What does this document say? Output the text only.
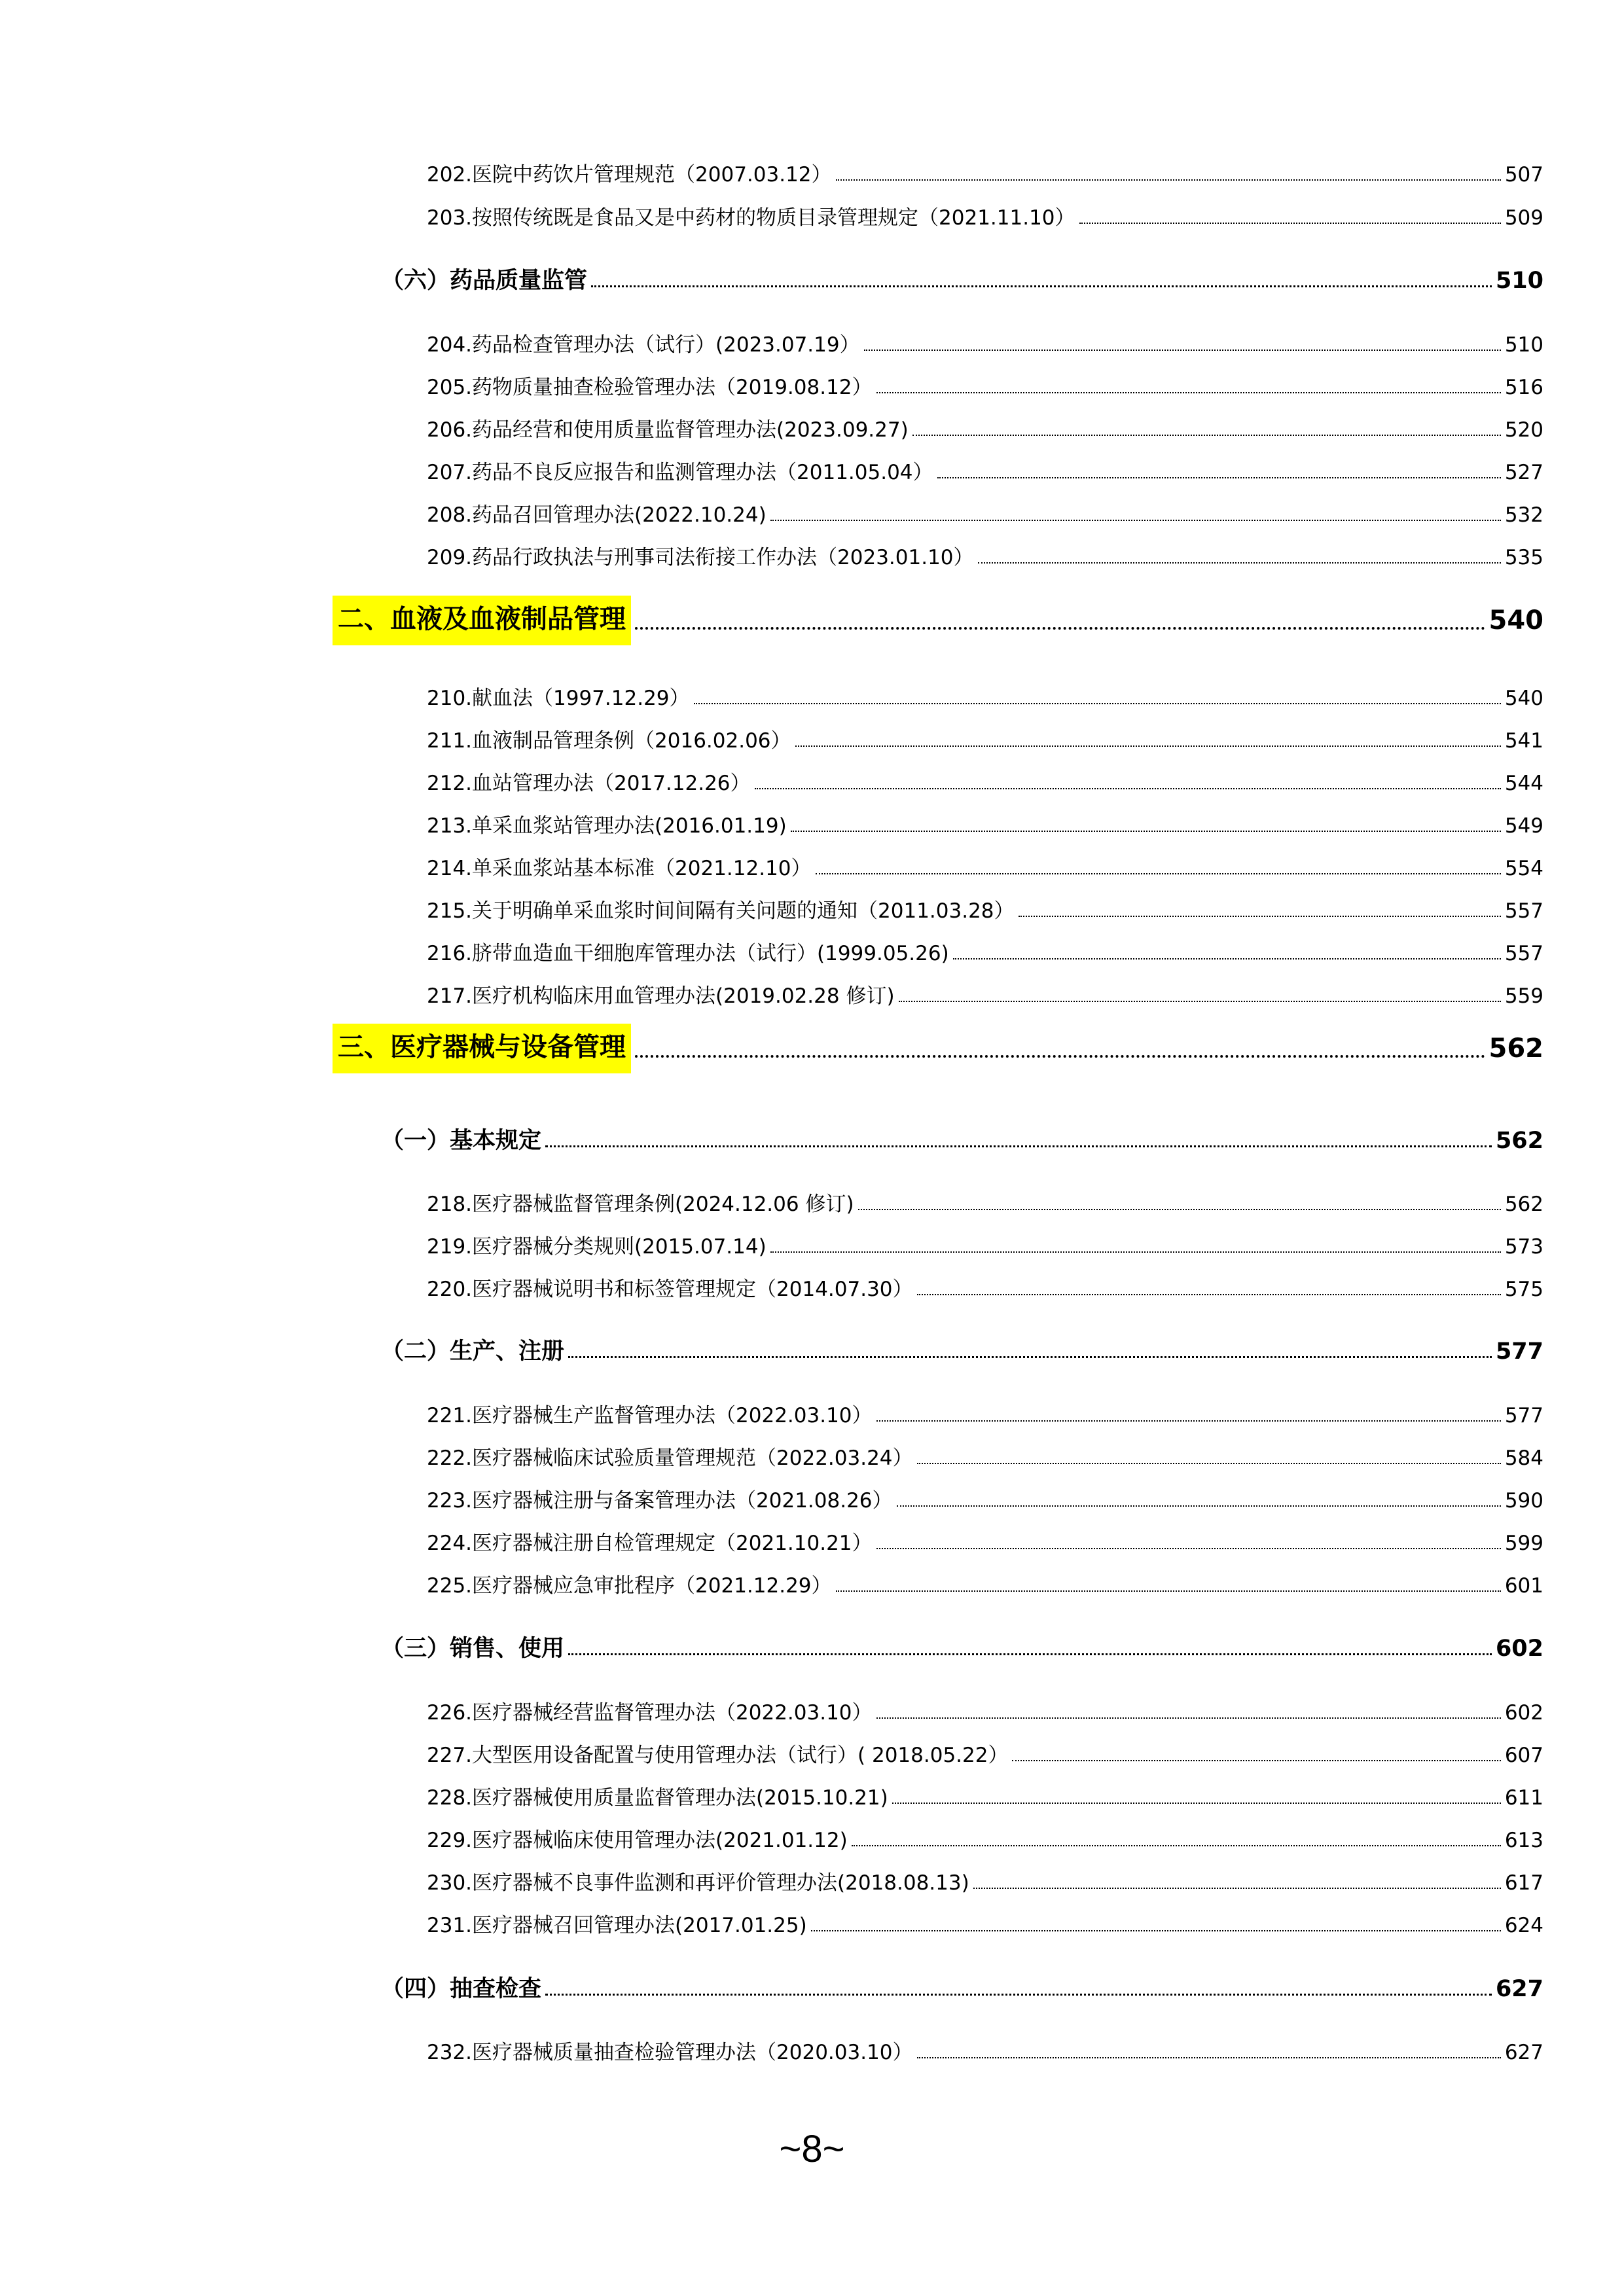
202.医院中药饮片管理规范（2007.03.12）	507
203.按照传统既是食品又是中药材的物质目录管理规定（2021.11.10）	509
（六）药品质量监管	510
204.药品检查管理办法（试行）(2023.07.19）	510
205.药物质量抽查检验管理办法（2019.08.12）	516
206.药品经营和使用质量监督管理办法(2023.09.27)	520
207.药品不良反应报告和监测管理办法（2011.05.04）	527
208.药品召回管理办法(2022.10.24)	532
209.药品行政执法与刑事司法衔接工作办法（2023.01.10）	535
二、血液及血液制品管理	540
210.献血法（1997.12.29）	540
211.血液制品管理条例（2016.02.06）	541
212.血站管理办法（2017.12.26）	544
213.单采血浆站管理办法(2016.01.19)	549
214.单采血浆站基本标准（2021.12.10）	554
215.关于明确单采血浆时间间隔有关问题的通知（2011.03.28）	557
216.脐带血造血干细胞库管理办法（试行）(1999.05.26)	557
217.医疗机构临床用血管理办法(2019.02.28 修订)	559
三、医疗器械与设备管理	562
（一）基本规定	562
218.医疗器械监督管理条例(2024.12.06 修订)	562
219.医疗器械分类规则(2015.07.14)	573
220.医疗器械说明书和标签管理规定（2014.07.30）	575
（二）生产、注册	577
221.医疗器械生产监督管理办法（2022.03.10）	577
222.医疗器械临床试验质量管理规范（2022.03.24）	584
223.医疗器械注册与备案管理办法（2021.08.26）	590
224.医疗器械注册自检管理规定（2021.10.21）	599
225.医疗器械应急审批程序（2021.12.29）	601
（三）销售、使用	602
226.医疗器械经营监督管理办法（2022.03.10）	602
227.大型医用设备配置与使用管理办法（试行）( 2018.05.22）	607
228.医疗器械使用质量监督管理办法(2015.10.21)	611
229.医疗器械临床使用管理办法(2021.01.12)	613
230.医疗器械不良事件监测和再评价管理办法(2018.08.13)	617
231.医疗器械召回管理办法(2017.01.25)	624
（四）抽查检查	627
232.医疗器械质量抽查检验管理办法（2020.03.10）	627
~8~
